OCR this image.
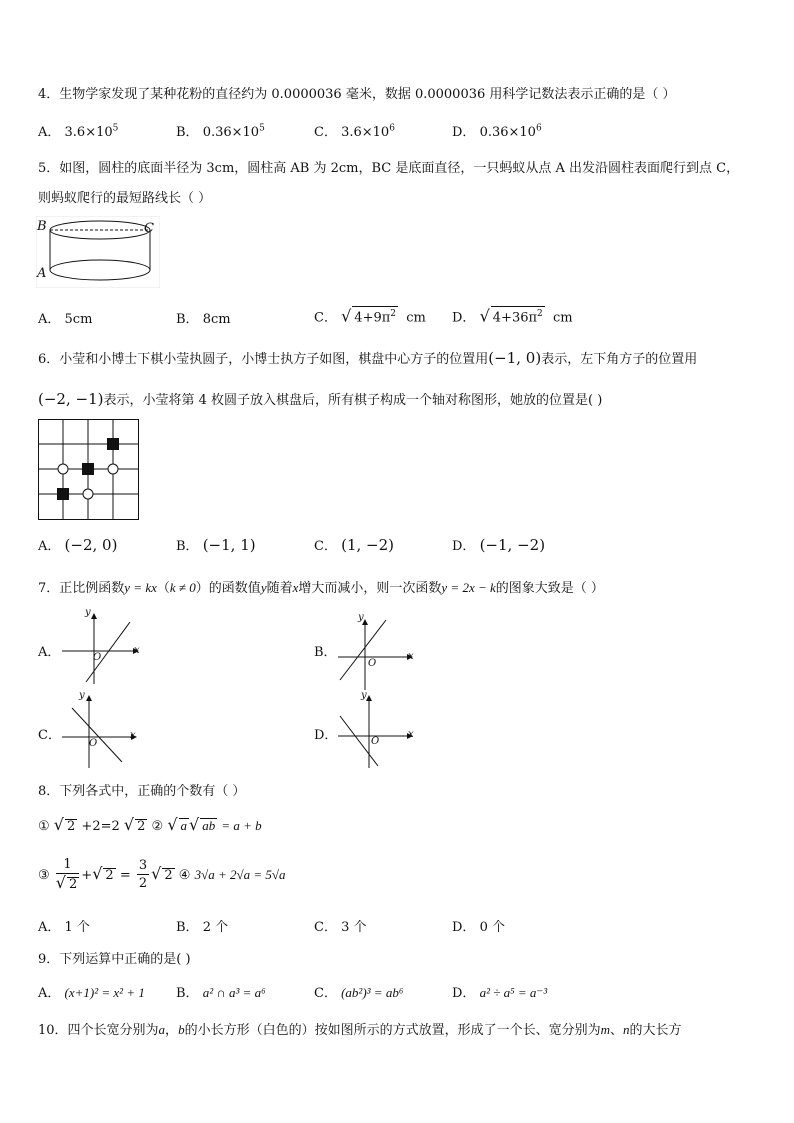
4．生物学家发现了某种花粉的直径约为 0.0000036 毫米，数据 0.0000036 用科学记数法表示正确的是（ ）
A． $3.6\times 10^5$	B． $0.36\times 10^5$	C． $3.6\times 10^6$	D． $0.36\times 10^6$
5．如图，圆柱的底面半径为 3cm，圆柱高 AB 为 2cm，BC 是底面直径，一只蚂蚁从点 A 出发沿圆柱表面爬行到点 C，
则蚂蚁爬行的最短路线长（ ）
B	C
A
A． 5cm	B． 8cm	C． √ $4+9\pi^2$ cm D． √ $4+36\pi^2$ cm
6．小莹和小博士下棋小莹执圆子，小博士执方子如图，棋盘中心方子的位置用(−1, 0)表示，左下角方子的位置用
(−2, −1)表示，小莹将第 4 枚圆子放入棋盘后，所有棋子构成一个轴对称图形，她放的位置是( )
A． (−2, 0)	B． (−1, 1)	C． (1, −2)	D． (−1, −2)
7．正比例函数y = kx（k ≠ 0）的函数值y随着x增大而减小，则一次函数y = 2x − k的图象大致是（ ）
A．
y
x
O	B．
y
x
O
C．
y
x
O
D．
y
x
O
8．下列各式中，正确的个数有（ ）
① √ 2 +2=2 √ 2 ② √ a √ ab = a + b
③ $\frac{1}{√ 2}$ +√ $2 = \frac{3}{2}$ √ 2 ④ 3√a + 2√a = 5√a
A． 1 个	B． 2 个	C． 3 个	D． 0 个
9．下列运算中正确的是( )
A． (x+1)² = x² + 1 B． a² ∩ a³ = a⁶	C． (ab²)³ = ab⁶	D． a² ÷ a⁵ = a⁻³
10．四个长宽分别为a，b的小长方形（白色的）按如图所示的方式放置，形成了一个长、宽分别为m、n的大长方
